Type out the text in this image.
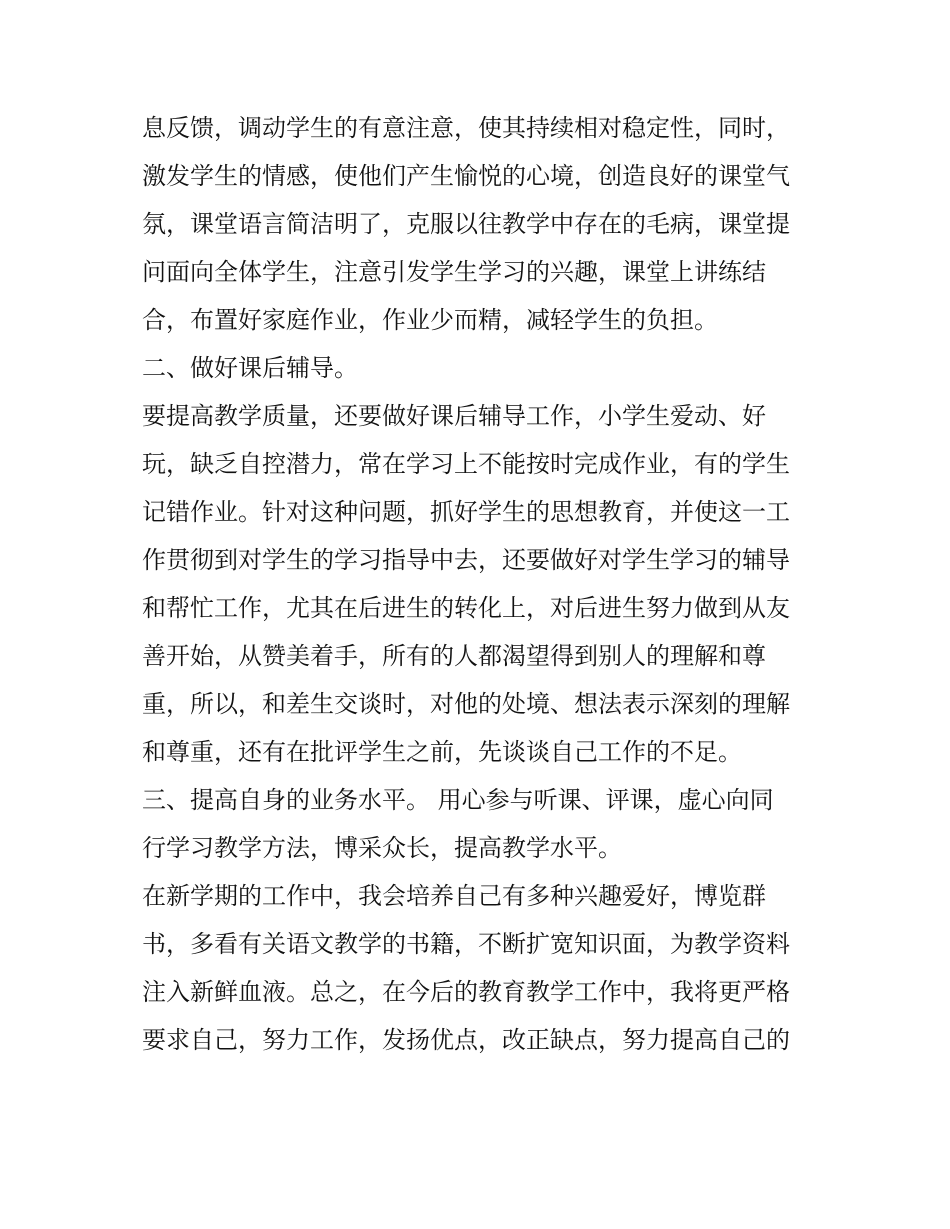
息反馈，调动学生的有意注意，使其持续相对稳定性，同时，
激发学生的情感，使他们产生愉悦的心境，创造良好的课堂气
氛，课堂语言简洁明了，克服以往教学中存在的毛病，课堂提
问面向全体学生，注意引发学生学习的兴趣，课堂上讲练结
合，布置好家庭作业，作业少而精，减轻学生的负担。
二、做好课后辅导。
要提高教学质量，还要做好课后辅导工作，小学生爱动、好
玩，缺乏自控潜力，常在学习上不能按时完成作业，有的学生
记错作业。针对这种问题，抓好学生的思想教育，并使这一工
作贯彻到对学生的学习指导中去，还要做好对学生学习的辅导
和帮忙工作，尤其在后进生的转化上，对后进生努力做到从友
善开始，从赞美着手，所有的人都渴望得到别人的理解和尊
重，所以，和差生交谈时，对他的处境、想法表示深刻的理解
和尊重，还有在批评学生之前，先谈谈自己工作的不足。
三、提高自身的业务水平。 用心参与听课、评课，虚心向同
行学习教学方法，博采众长，提高教学水平。
在新学期的工作中，我会培养自己有多种兴趣爱好，博览群
书，多看有关语文教学的书籍，不断扩宽知识面，为教学资料
注入新鲜血液。总之，在今后的教育教学工作中，我将更严格
要求自己，努力工作，发扬优点，改正缺点，努力提高自己的
